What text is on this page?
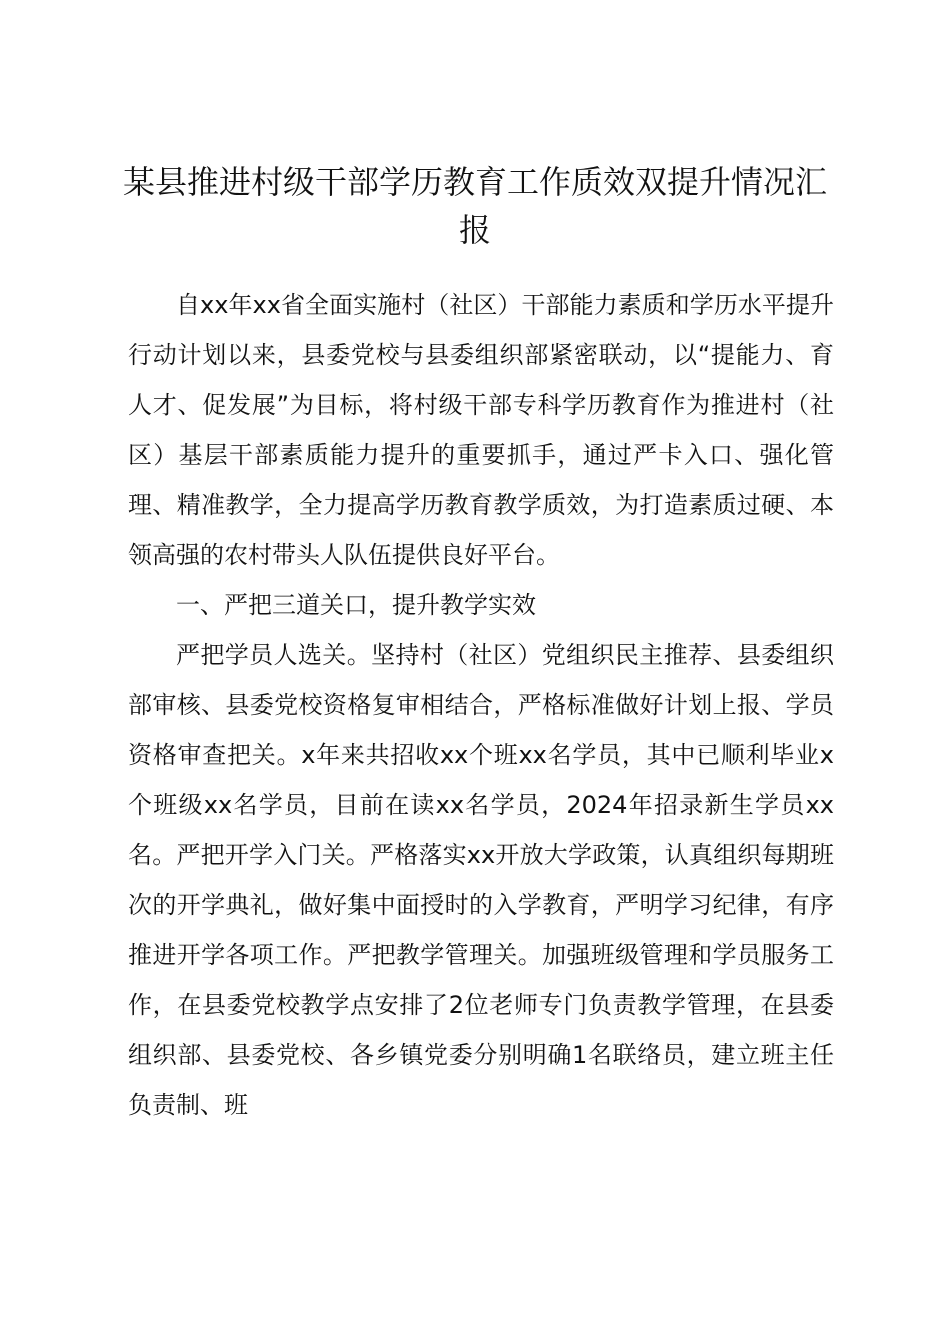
某县推进村级干部学历教育工作质效双提升情况汇报

自xx年xx省全面实施村（社区）干部能力素质和学历水平提升行动计划以来，县委党校与县委组织部紧密联动，以“提能力、育人才、促发展”为目标，将村级干部专科学历教育作为推进村（社区）基层干部素质能力提升的重要抓手，通过严卡入口、强化管理、精准教学，全力提高学历教育教学质效，为打造素质过硬、本领高强的农村带头人队伍提供良好平台。

一、严把三道关口，提升教学实效

严把学员人选关。坚持村（社区）党组织民主推荐、县委组织部审核、县委党校资格复审相结合，严格标准做好计划上报、学员资格审查把关。x年来共招收xx个班xx名学员，其中已顺利毕业x个班级xx名学员，目前在读xx名学员，2024年招录新生学员xx名。严把开学入门关。严格落实xx开放大学政策，认真组织每期班次的开学典礼，做好集中面授时的入学教育，严明学习纪律，有序推进开学各项工作。严把教学管理关。加强班级管理和学员服务工作，在县委党校教学点安排了2位老师专门负责教学管理，在县委组织部、县委党校、各乡镇党委分别明确1名联络员，建立班主任负责制、班
